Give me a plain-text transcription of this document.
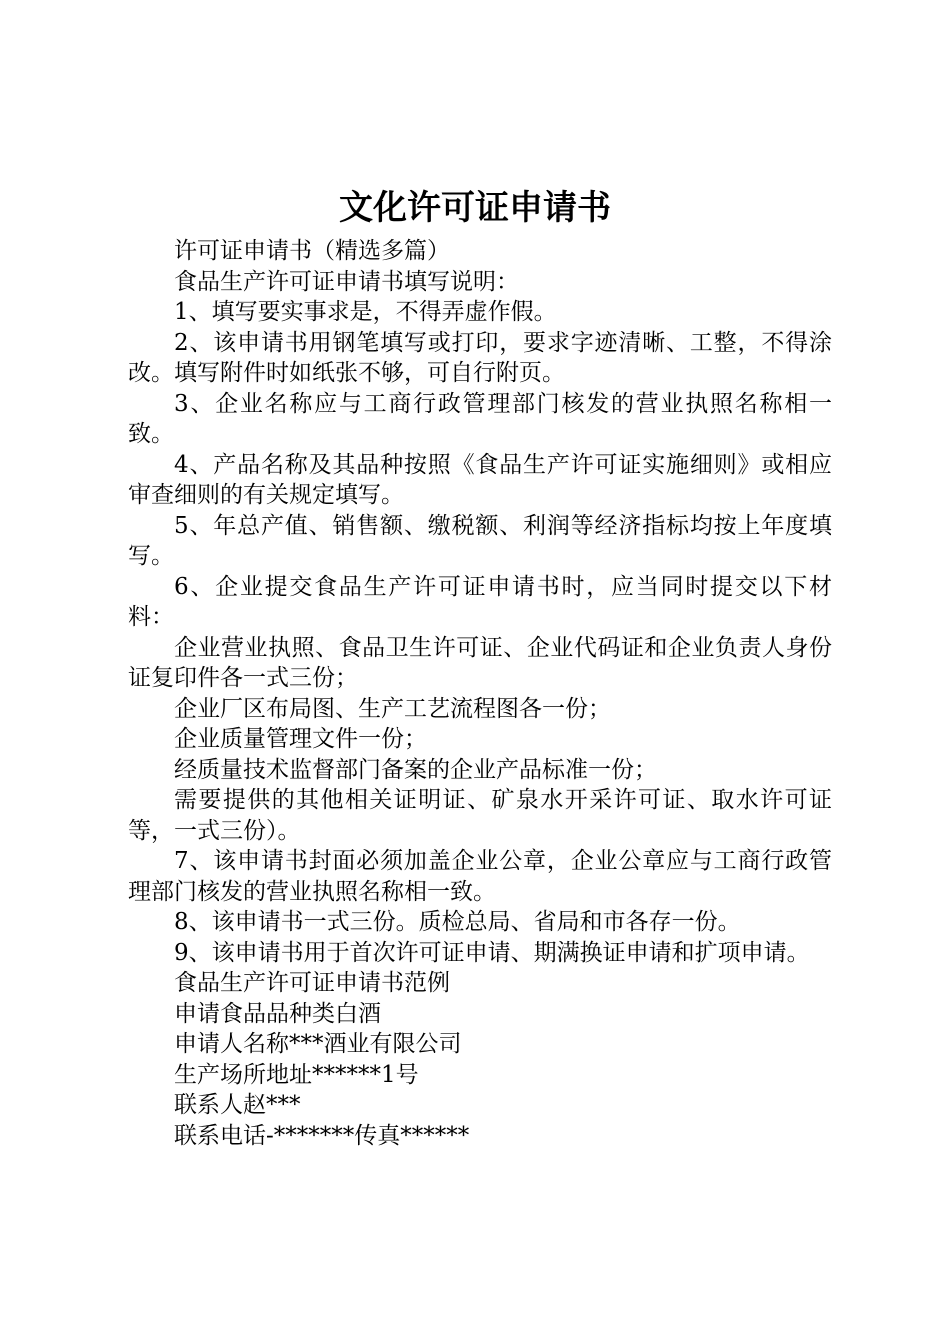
文化许可证申请书

许可证申请书（精选多篇）

食品生产许可证申请书填写说明：

1、填写要实事求是，不得弄虚作假。

2、该申请书用钢笔填写或打印，要求字迹清晰、工整，不得涂改。填写附件时如纸张不够，可自行附页。

3、企业名称应与工商行政管理部门核发的营业执照名称相一致。

4、产品名称及其品种按照《食品生产许可证实施细则》或相应审查细则的有关规定填写。

5、年总产值、销售额、缴税额、利润等经济指标均按上年度填写。

6、企业提交食品生产许可证申请书时，应当同时提交以下材料：

企业营业执照、食品卫生许可证、企业代码证和企业负责人身份证复印件各一式三份；

企业厂区布局图、生产工艺流程图各一份；

企业质量管理文件一份；

经质量技术监督部门备案的企业产品标准一份；

需要提供的其他相关证明证、矿泉水开采许可证、取水许可证等，一式三份）。

7、该申请书封面必须加盖企业公章，企业公章应与工商行政管理部门核发的营业执照名称相一致。

8、该申请书一式三份。质检总局、省局和市各存一份。

9、该申请书用于首次许可证申请、期满换证申请和扩项申请。

食品生产许可证申请书范例

申请食品品种类白酒

申请人名称***酒业有限公司

生产场所地址******1号

联系人赵***

联系电话-*******传真******
